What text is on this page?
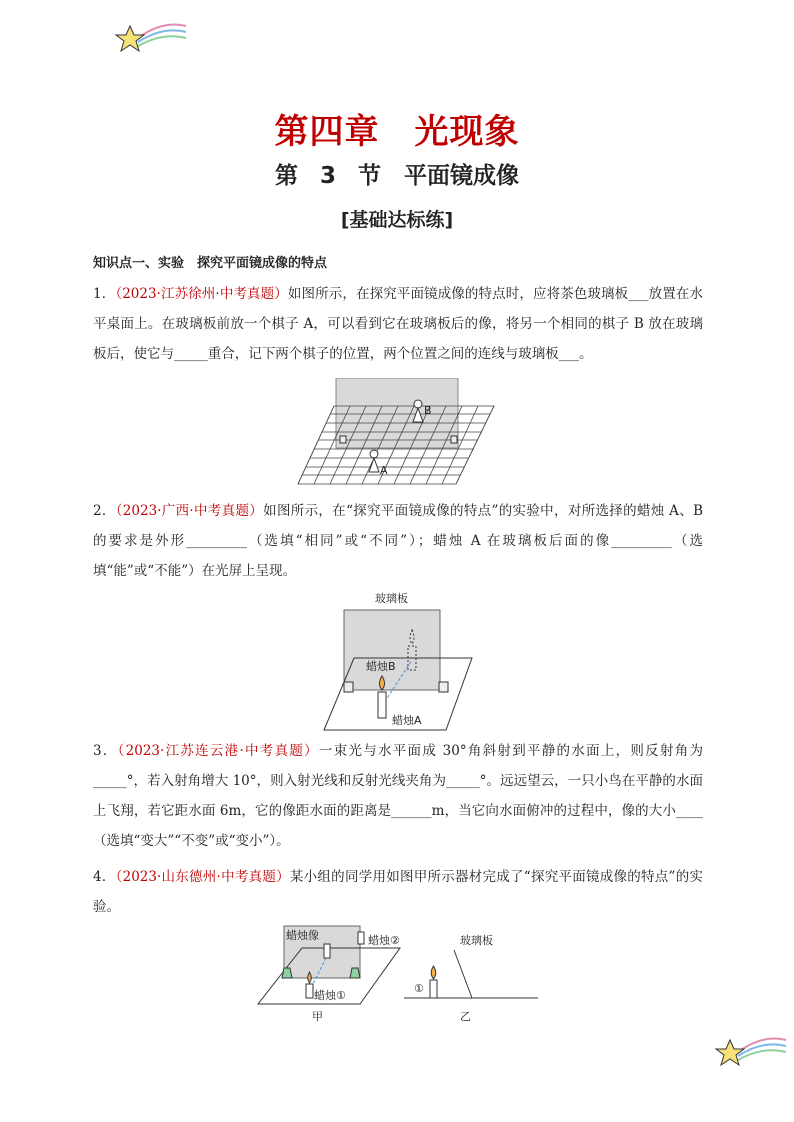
第四章　光现象
第 3 节　平面镜成像
[基础达标练]
知识点一、实验　探究平面镜成像的特点
1．（2023·江苏徐州·中考真题）如图所示，在探究平面镜成像的特点时，应将茶色玻璃板___放置在水平桌面上。在玻璃板前放一个棋子 A，可以看到它在玻璃板后的像，将另一个相同的棋子 B 放在玻璃板后，使它与_____重合，记下两个棋子的位置，两个位置之间的连线与玻璃板___。
B
A
2．（2023·广西·中考真题）如图所示，在“探究平面镜成像的特点”的实验中，对所选择的蜡烛 A、B 的要求是外形_________（选填“相同”或“不同”）；蜡烛 A 在玻璃板后面的像_________（选填“能”或“不能”）在光屏上呈现。
玻璃板
蜡烛B
蜡烛A
3．（2023·江苏连云港·中考真题）一束光与水平面成 30°角斜射到平静的水面上，则反射角为_____°，若入射角增大 10°，则入射光线和反射光线夹角为_____°。远远望云，一只小鸟在平静的水面上飞翔，若它距水面 6m，它的像距水面的距离是______m，当它向水面俯冲的过程中，像的大小____（选填“变大”“不变”或“变小”）。
4．（2023·山东德州·中考真题）某小组的同学用如图甲所示器材完成了“探究平面镜成像的特点”的实验。
蜡烛像	蜡烛②
蜡烛①
甲
玻璃板
①
乙
